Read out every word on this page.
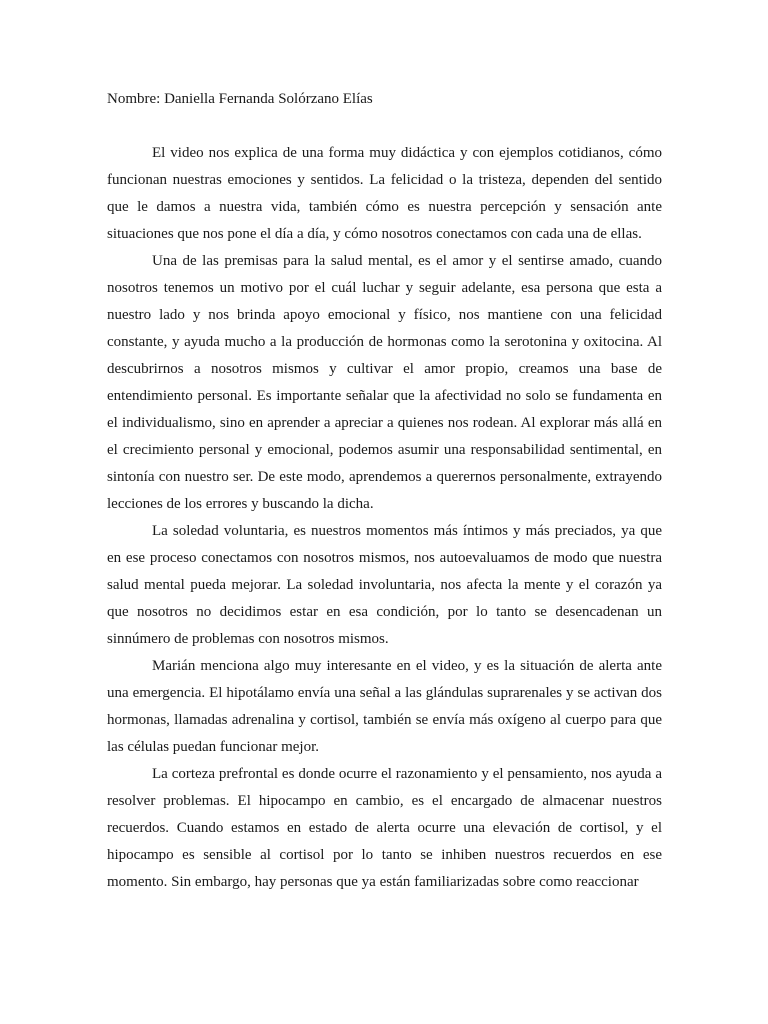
Nombre: Daniella Fernanda Solórzano Elías

El video nos explica de una forma muy didáctica y con ejemplos cotidianos, cómo funcionan nuestras emociones y sentidos. La felicidad o la tristeza, dependen del sentido que le damos a nuestra vida, también cómo es nuestra percepción y sensación ante situaciones que nos pone el día a día, y cómo nosotros conectamos con cada una de ellas.

Una de las premisas para la salud mental, es el amor y el sentirse amado, cuando nosotros tenemos un motivo por el cuál luchar y seguir adelante, esa persona que esta a nuestro lado y nos brinda apoyo emocional y físico, nos mantiene con una felicidad constante, y ayuda mucho a la producción de hormonas como la serotonina y oxitocina. Al descubrirnos a nosotros mismos y cultivar el amor propio, creamos una base de entendimiento personal. Es importante señalar que la afectividad no solo se fundamenta en el individualismo, sino en aprender a apreciar a quienes nos rodean. Al explorar más allá en el crecimiento personal y emocional, podemos asumir una responsabilidad sentimental, en sintonía con nuestro ser. De este modo, aprendemos a querernos personalmente, extrayendo lecciones de los errores y buscando la dicha.

La soledad voluntaria, es nuestros momentos más íntimos y más preciados, ya que en ese proceso conectamos con nosotros mismos, nos autoevaluamos de modo que nuestra salud mental pueda mejorar. La soledad involuntaria, nos afecta la mente y el corazón ya que nosotros no decidimos estar en esa condición, por lo tanto se desencadenan un sinnúmero de problemas con nosotros mismos.

Marián menciona algo muy interesante en el video, y es la situación de alerta ante una emergencia. El hipotálamo envía una señal a las glándulas suprarenales y se activan dos hormonas, llamadas adrenalina y cortisol, también se envía más oxígeno al cuerpo para que las células puedan funcionar mejor.

La corteza prefrontal es donde ocurre el razonamiento y el pensamiento, nos ayuda a resolver problemas. El hipocampo en cambio, es el encargado de almacenar nuestros recuerdos. Cuando estamos en estado de alerta ocurre una elevación de cortisol, y el hipocampo es sensible al cortisol por lo tanto se inhiben nuestros recuerdos en ese momento. Sin embargo, hay personas que ya están familiarizadas sobre como reaccionar
